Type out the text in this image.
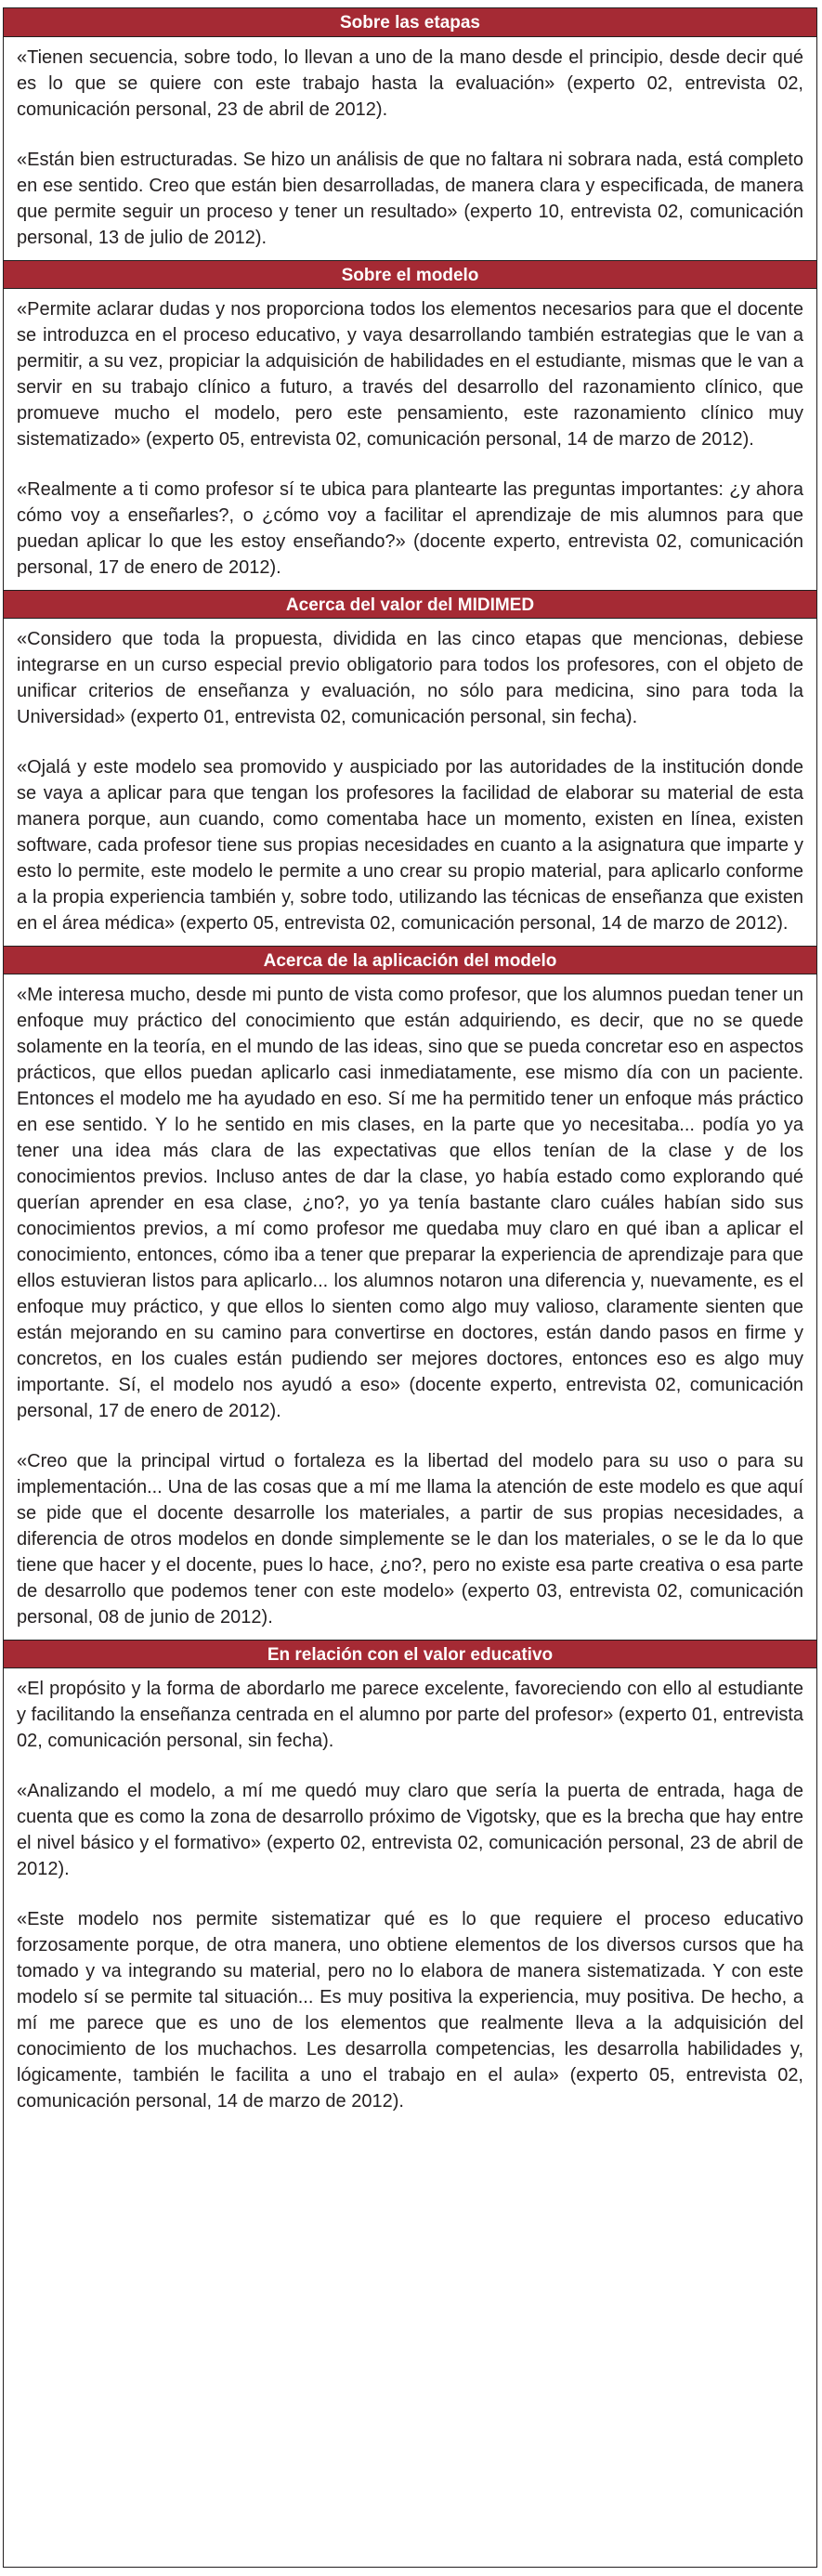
Sobre las etapas

«Tienen secuencia, sobre todo, lo llevan a uno de la mano desde el principio, desde decir qué es lo que se quiere con este trabajo hasta la evaluación» (experto 02, entrevista 02, comunicación personal, 23 de abril de 2012).

«Están bien estructuradas. Se hizo un análisis de que no faltara ni sobrara nada, está completo en ese sentido. Creo que están bien desarrolladas, de manera clara y especificada, de manera que permite seguir un proceso y tener un resultado» (experto 10, entrevista 02, comunicación personal, 13 de julio de 2012).

Sobre el modelo

«Permite aclarar dudas y nos proporciona todos los elementos necesarios para que el docente se introduzca en el proceso educativo, y vaya desarrollando también estrategias que le van a permitir, a su vez, propiciar la adquisición de habilidades en el estudiante, mismas que le van a servir en su trabajo clínico a futuro, a través del desarrollo del razonamiento clínico, que promueve mucho el modelo, pero este pensamiento, este razonamiento clínico muy sistematizado» (experto 05, entrevista 02, comunicación personal, 14 de marzo de 2012).

«Realmente a ti como profesor sí te ubica para plantearte las preguntas importantes: ¿y ahora cómo voy a enseñarles?, o ¿cómo voy a facilitar el aprendizaje de mis alumnos para que puedan aplicar lo que les estoy enseñando?» (docente experto, entrevista 02, comunicación personal, 17 de enero de 2012).

Acerca del valor del MIDIMED

«Considero que toda la propuesta, dividida en las cinco etapas que mencionas, debiese integrarse en un curso especial previo obligatorio para todos los profesores, con el objeto de unificar criterios de enseñanza y evaluación, no sólo para medicina, sino para toda la Universidad» (experto 01, entrevista 02, comunicación personal, sin fecha).

«Ojalá y este modelo sea promovido y auspiciado por las autoridades de la institución donde se vaya a aplicar para que tengan los profesores la facilidad de elaborar su material de esta manera porque, aun cuando, como comentaba hace un momento, existen en línea, existen software, cada profesor tiene sus propias necesidades en cuanto a la asignatura que imparte y esto lo permite, este modelo le permite a uno crear su propio material, para aplicarlo conforme a la propia experiencia también y, sobre todo, utilizando las técnicas de enseñanza que existen en el área médica» (experto 05, entrevista 02, comunicación personal, 14 de marzo de 2012).

Acerca de la aplicación del modelo

«Me interesa mucho, desde mi punto de vista como profesor, que los alumnos puedan tener un enfoque muy práctico del conocimiento que están adquiriendo, es decir, que no se quede solamente en la teoría, en el mundo de las ideas, sino que se pueda concretar eso en aspectos prácticos, que ellos puedan aplicarlo casi inmediatamente, ese mismo día con un paciente. Entonces el modelo me ha ayudado en eso. Sí me ha permitido tener un enfoque más práctico en ese sentido. Y lo he sentido en mis clases, en la parte que yo necesitaba... podía yo ya tener una idea más clara de las expectativas que ellos tenían de la clase y de los conocimientos previos. Incluso antes de dar la clase, yo había estado como explorando qué querían aprender en esa clase, ¿no?, yo ya tenía bastante claro cuáles habían sido sus conocimientos previos, a mí como profesor me quedaba muy claro en qué iban a aplicar el conocimiento, entonces, cómo iba a tener que preparar la experiencia de aprendizaje para que ellos estuvieran listos para aplicarlo... los alumnos notaron una diferencia y, nuevamente, es el enfoque muy práctico, y que ellos lo sienten como algo muy valioso, claramente sienten que están mejorando en su camino para convertirse en doctores, están dando pasos en firme y concretos, en los cuales están pudiendo ser mejores doctores, entonces eso es algo muy importante. Sí, el modelo nos ayudó a eso» (docente experto, entrevista 02, comunicación personal, 17 de enero de 2012).

«Creo que la principal virtud o fortaleza es la libertad del modelo para su uso o para su implementación... Una de las cosas que a mí me llama la atención de este modelo es que aquí se pide que el docente desarrolle los materiales, a partir de sus propias necesidades, a diferencia de otros modelos en donde simplemente se le dan los materiales, o se le da lo que tiene que hacer y el docente, pues lo hace, ¿no?, pero no existe esa parte creativa o esa parte de desarrollo que podemos tener con este modelo» (experto 03, entrevista 02, comunicación personal, 08 de junio de 2012).

En relación con el valor educativo

«El propósito y la forma de abordarlo me parece excelente, favoreciendo con ello al estudiante y facilitando la enseñanza centrada en el alumno por parte del profesor» (experto 01, entrevista 02, comunicación personal, sin fecha).

«Analizando el modelo, a mí me quedó muy claro que sería la puerta de entrada, haga de cuenta que es como la zona de desarrollo próximo de Vigotsky, que es la brecha que hay entre el nivel básico y el formativo» (experto 02, entrevista 02, comunicación personal, 23 de abril de 2012).

«Este modelo nos permite sistematizar qué es lo que requiere el proceso educativo forzosamente porque, de otra manera, uno obtiene elementos de los diversos cursos que ha tomado y va integrando su material, pero no lo elabora de manera sistematizada. Y con este modelo sí se permite tal situación... Es muy positiva la experiencia, muy positiva. De hecho, a mí me parece que es uno de los elementos que realmente lleva a la adquisición del conocimiento de los muchachos. Les desarrolla competencias, les desarrolla habilidades y, lógicamente, también le facilita a uno el trabajo en el aula» (experto 05, entrevista 02, comunicación personal, 14 de marzo de 2012).
